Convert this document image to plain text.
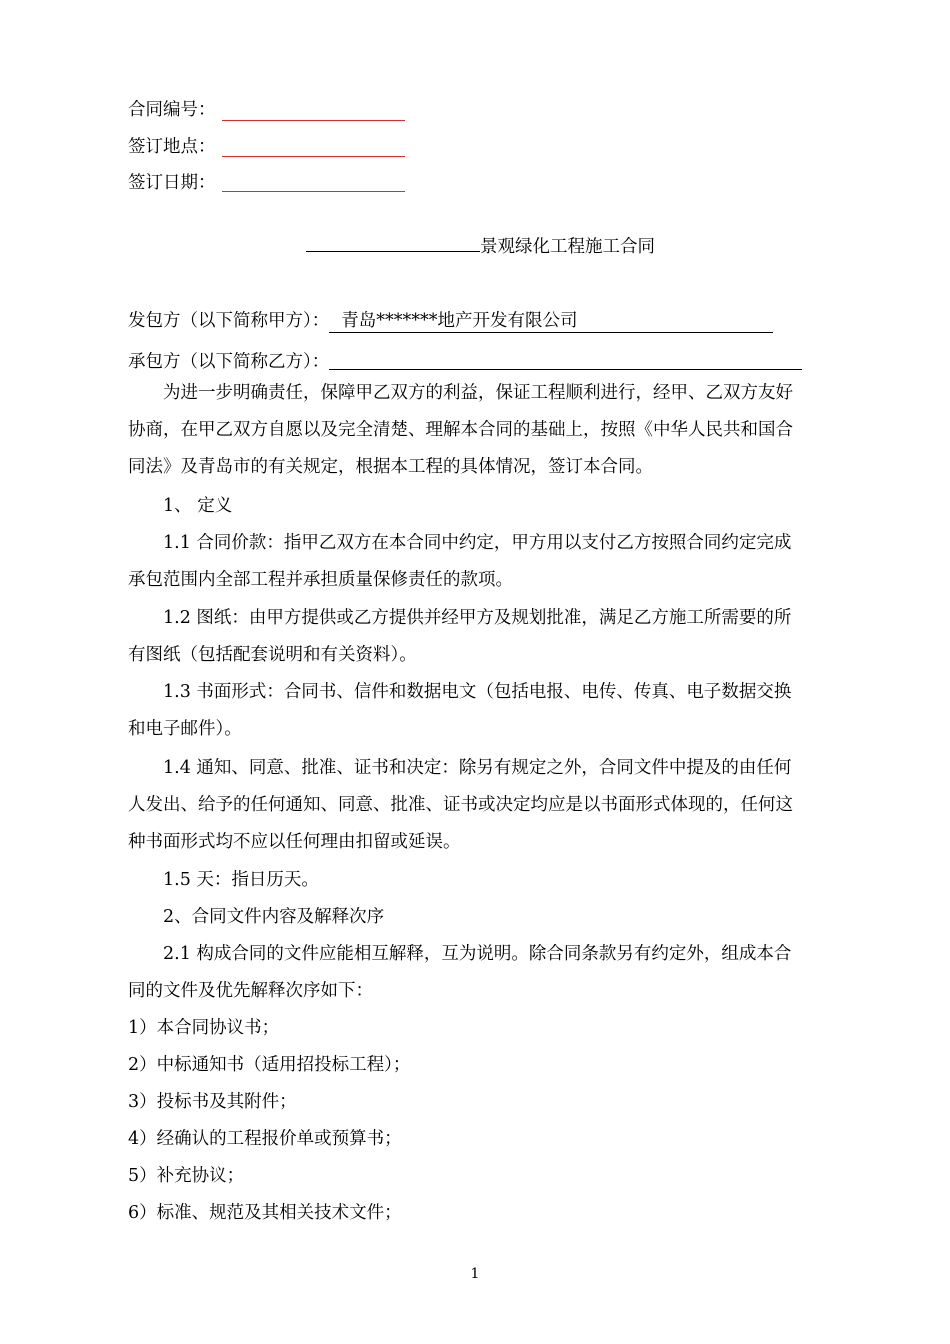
合同编号：
签订地点：
签订日期：
景观绿化工程施工合同
发包方（以下简称甲方）： 青岛*******地产开发有限公司
承包方（以下简称乙方）：
为进一步明确责任，保障甲乙双方的利益，保证工程顺利进行，经甲、乙双方友好
协商，在甲乙双方自愿以及完全清楚、理解本合同的基础上，按照《中华人民共和国合
同法》及青岛市的有关规定，根据本工程的具体情况，签订本合同。
1、 定义
1.1 合同价款：指甲乙双方在本合同中约定，甲方用以支付乙方按照合同约定完成
承包范围内全部工程并承担质量保修责任的款项。
1.2 图纸：由甲方提供或乙方提供并经甲方及规划批准，满足乙方施工所需要的所
有图纸（包括配套说明和有关资料）。
1.3 书面形式：合同书、信件和数据电文（包括电报、电传、传真、电子数据交换
和电子邮件）。
1.4 通知、同意、批准、证书和决定：除另有规定之外，合同文件中提及的由任何
人发出、给予的任何通知、同意、批准、证书或决定均应是以书面形式体现的，任何这
种书面形式均不应以任何理由扣留或延误。
1.5 天：指日历天。
2、合同文件内容及解释次序
2.1 构成合同的文件应能相互解释，互为说明。除合同条款另有约定外，组成本合
同的文件及优先解释次序如下：
1）本合同协议书；
2）中标通知书（适用招投标工程）；
3）投标书及其附件；
4）经确认的工程报价单或预算书；
5）补充协议；
6）标准、规范及其相关技术文件；
1
